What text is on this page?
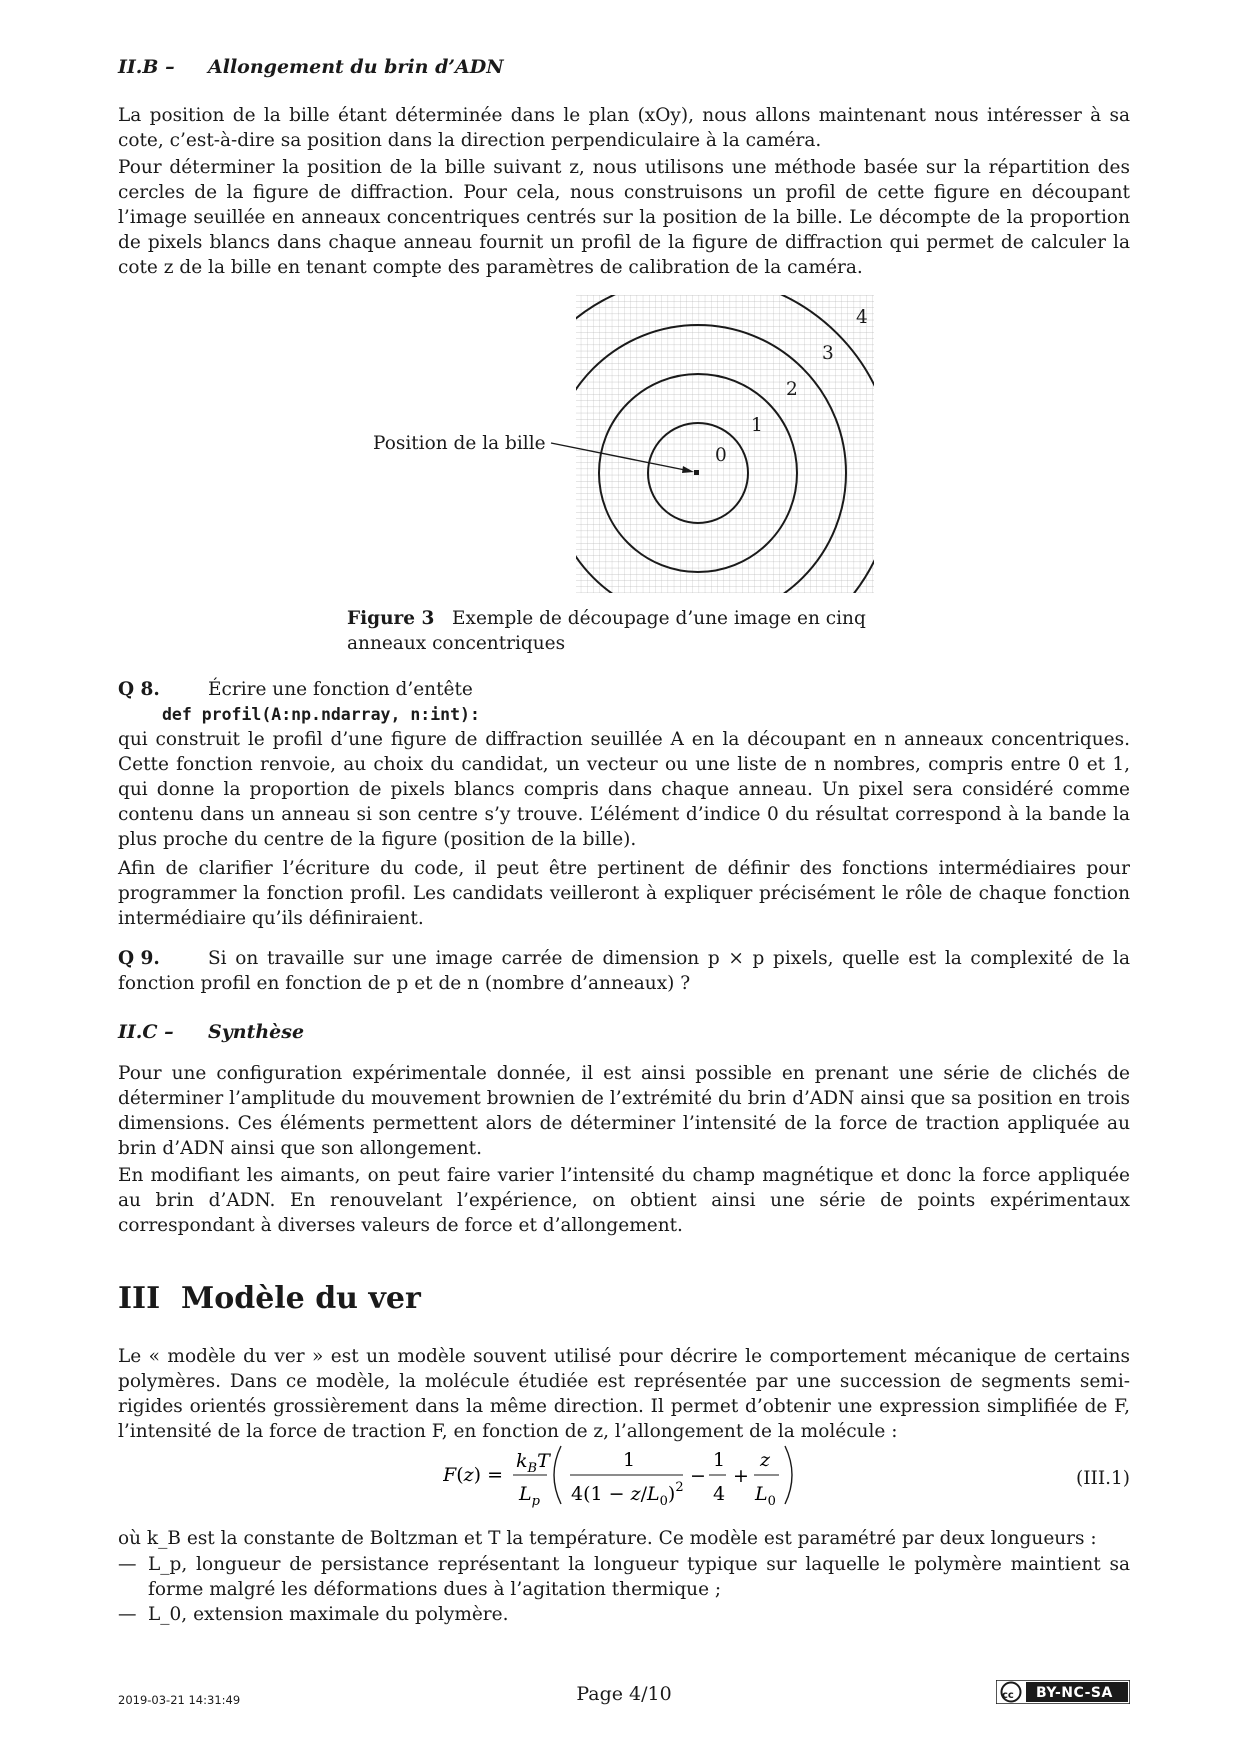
II.B – Allongement du brin d’ADN

La position de la bille étant déterminée dans le plan (xOy), nous allons maintenant nous intéresser à sa cote, c’est-à-dire sa position dans la direction perpendiculaire à la caméra.

Pour déterminer la position de la bille suivant z, nous utilisons une méthode basée sur la répartition des cercles de la figure de diffraction. Pour cela, nous construisons un profil de cette figure en découpant l’image seuillée en anneaux concentriques centrés sur la position de la bille. Le décompte de la proportion de pixels blancs dans chaque anneau fournit un profil de la figure de diffraction qui permet de calculer la cote z de la bille en tenant compte des paramètres de calibration de la caméra.

Position de la bille
0
1
2
3
4
Figure 3 Exemple de découpage d’une image en cinq anneaux concentriques
Q 8.	Écrire une fonction d’entête
def profil(A:np.ndarray, n:int):

qui construit le profil d’une figure de diffraction seuillée A en la découpant en n anneaux concentriques. Cette fonction renvoie, au choix du candidat, un vecteur ou une liste de n nombres, compris entre 0 et 1, qui donne la proportion de pixels blancs compris dans chaque anneau. Un pixel sera considéré comme contenu dans un anneau si son centre s’y trouve. L’élément d’indice 0 du résultat correspond à la bande la plus proche du centre de la figure (position de la bille).

Afin de clarifier l’écriture du code, il peut être pertinent de définir des fonctions intermédiaires pour programmer la fonction profil. Les candidats veilleront à expliquer précisément le rôle de chaque fonction intermédiaire qu’ils définiraient.

Q 9.	Si on travaille sur une image carrée de dimension p × p pixels, quelle est la complexité de la fonction profil en fonction de p et de n (nombre d’anneaux) ?

II.C – Synthèse

Pour une configuration expérimentale donnée, il est ainsi possible en prenant une série de clichés de déterminer l’amplitude du mouvement brownien de l’extrémité du brin d’ADN ainsi que sa position en trois dimensions. Ces éléments permettent alors de déterminer l’intensité de la force de traction appliquée au brin d’ADN ainsi que son allongement.

En modifiant les aimants, on peut faire varier l’intensité du champ magnétique et donc la force appliquée au brin d’ADN. En renouvelant l’expérience, on obtient ainsi une série de points expérimentaux correspondant à diverses valeurs de force et d’allongement.

III Modèle du ver

Le « modèle du ver » est un modèle souvent utilisé pour décrire le comportement mécanique de certains polymères. Dans ce modèle, la molécule étudiée est représentée par une succession de segments semi-rigides orientés grossièrement dans la même direction. Il permet d’obtenir une expression simplifiée de F, l’intensité de la force de traction F, en fonction de z, l’allongement de la molécule :

F(z) =
$k_BT$
$L_p$
1
$4(1 - z/L_0)^2$
−
1
4
+
z
$L_0$
(III.1)

où k_B est la constante de Boltzman et T la température. Ce modèle est paramétré par deux longueurs :

— L_p, longueur de persistance représentant la longueur typique sur laquelle le polymère maintient sa forme malgré les déformations dues à l’agitation thermique ;

— L_0, extension maximale du polymère.

2019-03-21 14:31:49	Page 4/10	cc BY-NC-SA
